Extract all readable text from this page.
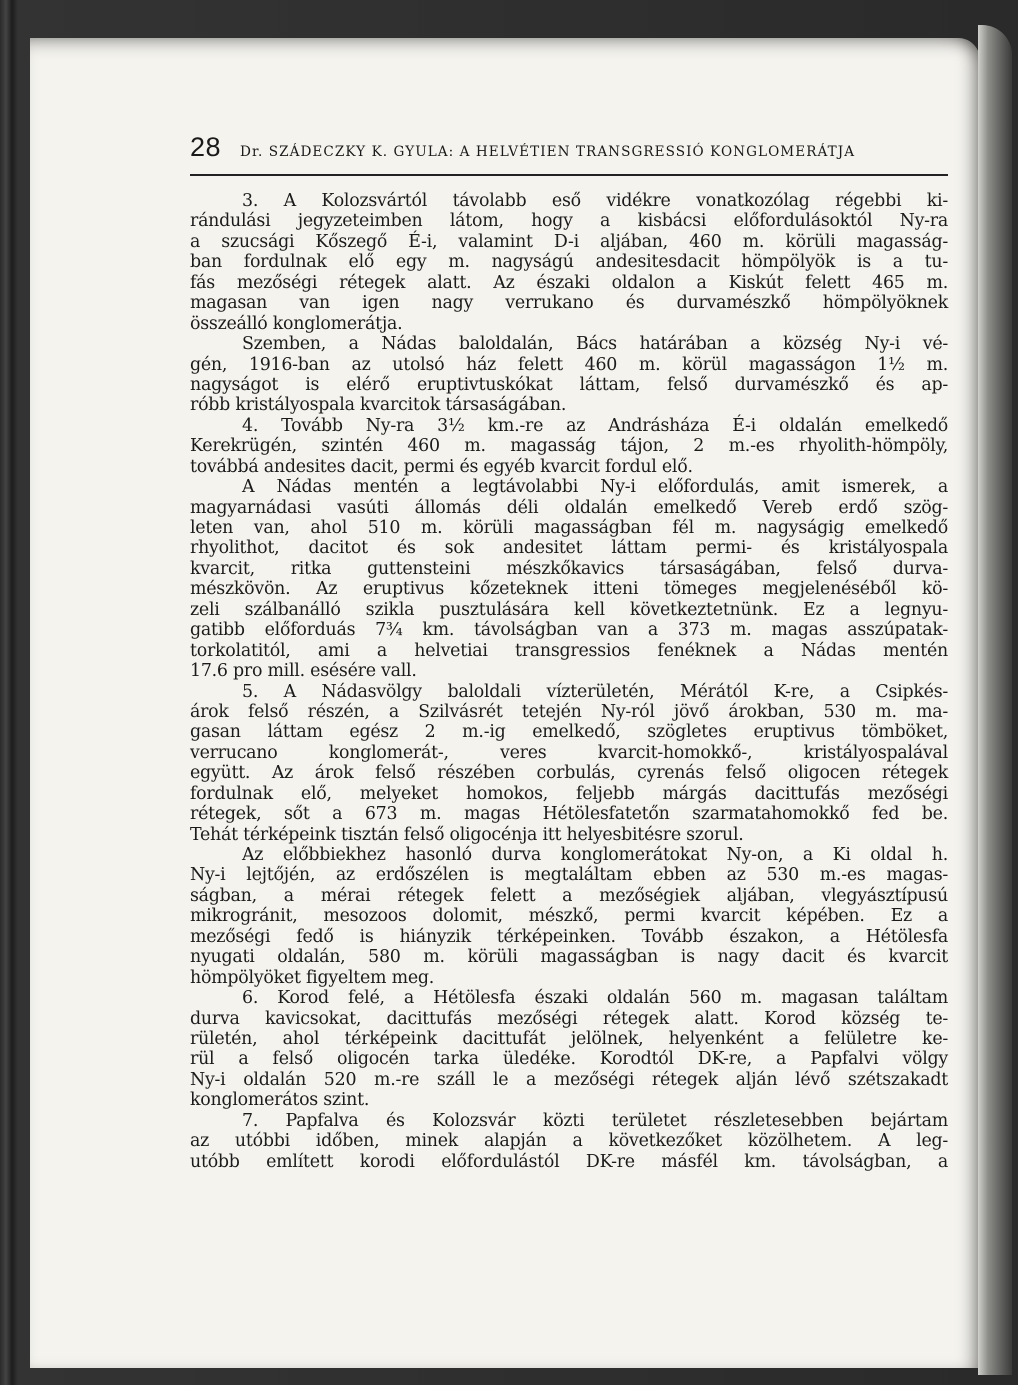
28 Dr. SZÁDECZKY K. GYULA: A HELVÉTIEN TRANSGRESSIÓ KONGLOMERÁTJA
3. A Kolozsvártól távolabb eső vidékre vonatkozólag régebbi ki-
rándulási jegyzeteimben látom, hogy a kisbácsi előfordulásoktól Ny-ra
a szucsági Kőszegő É-i, valamint D-i aljában, 460 m. körüli magasság-
ban fordulnak elő egy m. nagyságú andesitesdacit hömpölyök is a tu-
fás mezőségi rétegek alatt. Az északi oldalon a Kiskút felett 465 m.
magasan van igen nagy verrukano és durvamészkő hömpölyöknek
összeálló konglomerátja.
Szemben, a Nádas baloldalán, Bács határában a község Ny-i vé-
gén, 1916-ban az utolsó ház felett 460 m. körül magasságon 1½ m.
nagyságot is elérő eruptivtuskókat láttam, felső durvamészkő és ap-
róbb kristályospala kvarcitok társaságában.
4. Tovább Ny-ra 3½ km.-re az Andrásháza É-i oldalán emelkedő
Kerekrügén, szintén 460 m. magasság tájon, 2 m.-es rhyolith-hömpöly,
továbbá andesites dacit, permi és egyéb kvarcit fordul elő.
A Nádas mentén a legtávolabbi Ny-i előfordulás, amit ismerek, a
magyarnádasi vasúti állomás déli oldalán emelkedő Vereb erdő szög-
leten van, ahol 510 m. körüli magasságban fél m. nagyságig emelkedő
rhyolithot, dacitot és sok andesitet láttam permi- és kristályospala
kvarcit, ritka guttensteini mészkőkavics társaságában, felső durva-
mészkövön. Az eruptivus kőzeteknek itteni tömeges megjelenéséből kö-
zeli szálbanálló szikla pusztulására kell következtetnünk. Ez a legnyu-
gatibb előforduás 7¾ km. távolságban van a 373 m. magas asszúpatak-
torkolatitól, ami a helvetiai transgressios fenéknek a Nádas mentén
17.6 pro mill. esésére vall.
5. A Nádasvölgy baloldali vízterületén, Mérától K-re, a Csipkés-
árok felső részén, a Szilvásrét tetején Ny-ról jövő árokban, 530 m. ma-
gasan láttam egész 2 m.-ig emelkedő, szögletes eruptivus tömböket,
verrucano konglomerát-, veres kvarcit-homokkő-, kristályospalával
együtt. Az árok felső részében corbulás, cyrenás felső oligocen rétegek
fordulnak elő, melyeket homokos, feljebb márgás dacittufás mezőségi
rétegek, sőt a 673 m. magas Hétölesfatetőn szarmatahomokkő fed be.
Tehát térképeink tisztán felső oligocénja itt helyesbitésre szorul.
Az előbbiekhez hasonló durva konglomerátokat Ny-on, a Ki oldal h.
Ny-i lejtőjén, az erdőszélen is megtaláltam ebben az 530 m.-es magas-
ságban, a mérai rétegek felett a mezőségiek aljában, vlegyásztípusú
mikrogránit, mesozoos dolomit, mészkő, permi kvarcit képében. Ez a
mezőségi fedő is hiányzik térképeinken. Tovább északon, a Hétölesfa
nyugati oldalán, 580 m. körüli magasságban is nagy dacit és kvarcit
hömpölyöket figyeltem meg.
6. Korod felé, a Hétölesfa északi oldalán 560 m. magasan találtam
durva kavicsokat, dacittufás mezőségi rétegek alatt. Korod község te-
rületén, ahol térképeink dacittufát jelölnek, helyenként a felületre ke-
rül a felső oligocén tarka üledéke. Korodtól DK-re, a Papfalvi völgy
Ny-i oldalán 520 m.-re száll le a mezőségi rétegek alján lévő szétszakadt
konglomerátos szint.
7. Papfalva és Kolozsvár közti területet részletesebben bejártam
az utóbbi időben, minek alapján a következőket közölhetem. A leg-
utóbb említett korodi előfordulástól DK-re másfél km. távolságban, a
